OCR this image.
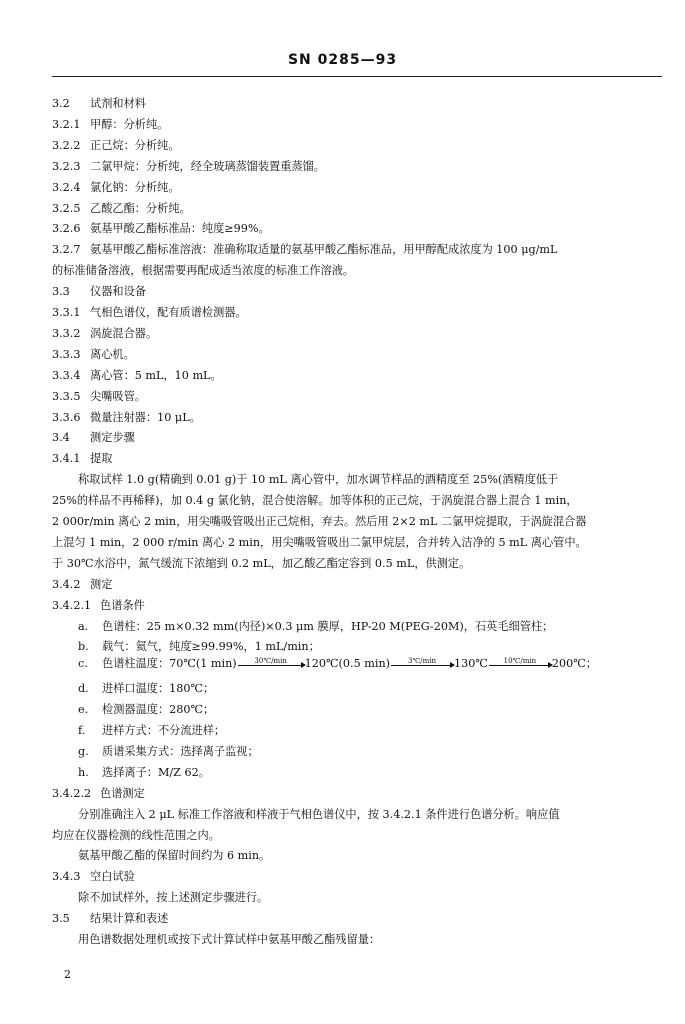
SN 0285—93
3.2 试剂和材料
3.2.1 甲醇：分析纯。
3.2.2 正己烷：分析纯。
3.2.3 二氯甲烷：分析纯，经全玻璃蒸馏装置重蒸馏。
3.2.4 氯化钠：分析纯。
3.2.5 乙酸乙酯：分析纯。
3.2.6 氨基甲酸乙酯标准品：纯度≥99%。
3.2.7 氨基甲酸乙酯标准溶液：准确称取适量的氨基甲酸乙酯标准品，用甲醇配成浓度为 100 μg/mL
的标准储备溶液，根据需要再配成适当浓度的标准工作溶液。
3.3 仪器和设备
3.3.1 气相色谱仪，配有质谱检测器。
3.3.2 涡旋混合器。
3.3.3 离心机。
3.3.4 离心管：5 mL，10 mL。
3.3.5 尖嘴吸管。
3.3.6 微量注射器：10 μL。
3.4 测定步骤
3.4.1 提取
称取试样 1.0 g(精确到 0.01 g)于 10 mL 离心管中，加水调节样品的酒精度至 25%(酒精度低于
25%的样品不再稀释)，加 0.4 g 氯化钠，混合使溶解。加等体积的正己烷，于涡旋混合器上混合 1 min，
2 000r/min 离心 2 min，用尖嘴吸管吸出正己烷相，弃去。然后用 2×2 mL 二氯甲烷提取，于涡旋混合器
上混匀 1 min，2 000 r/min 离心 2 min，用尖嘴吸管吸出二氯甲烷层，合并转入洁净的 5 mL 离心管中。
于 30℃水浴中，氮气缓流下浓缩到 0.2 mL，加乙酸乙酯定容到 0.5 mL，供测定。
3.4.2 测定
3.4.2.1 色谱条件
a. 色谱柱：25 m×0.32 mm(内径)×0.3 μm 膜厚，HP-20 M(PEG-20M)，石英毛细管柱；
b. 载气：氦气，纯度≥99.99%，1 mL/min；
c. 色谱柱温度：70℃(1 min)	30℃/min 120℃(0.5 min)	3℃/min 130℃ 10℃/min 200℃；
d. 进样口温度：180℃；
e. 检测器温度：280℃；
f. 进样方式：不分流进样；
g. 质谱采集方式：选择离子监视；
h. 选择离子：M/Z 62。
3.4.2.2 色谱测定
分别准确注入 2 μL 标准工作溶液和样液于气相色谱仪中，按 3.4.2.1 条件进行色谱分析。响应值
均应在仪器检测的线性范围之内。
氨基甲酸乙酯的保留时间约为 6 min。
3.4.3 空白试验
除不加试样外，按上述测定步骤进行。
3.5 结果计算和表述
用色谱数据处理机或按下式计算试样中氨基甲酸乙酯残留量：
2
